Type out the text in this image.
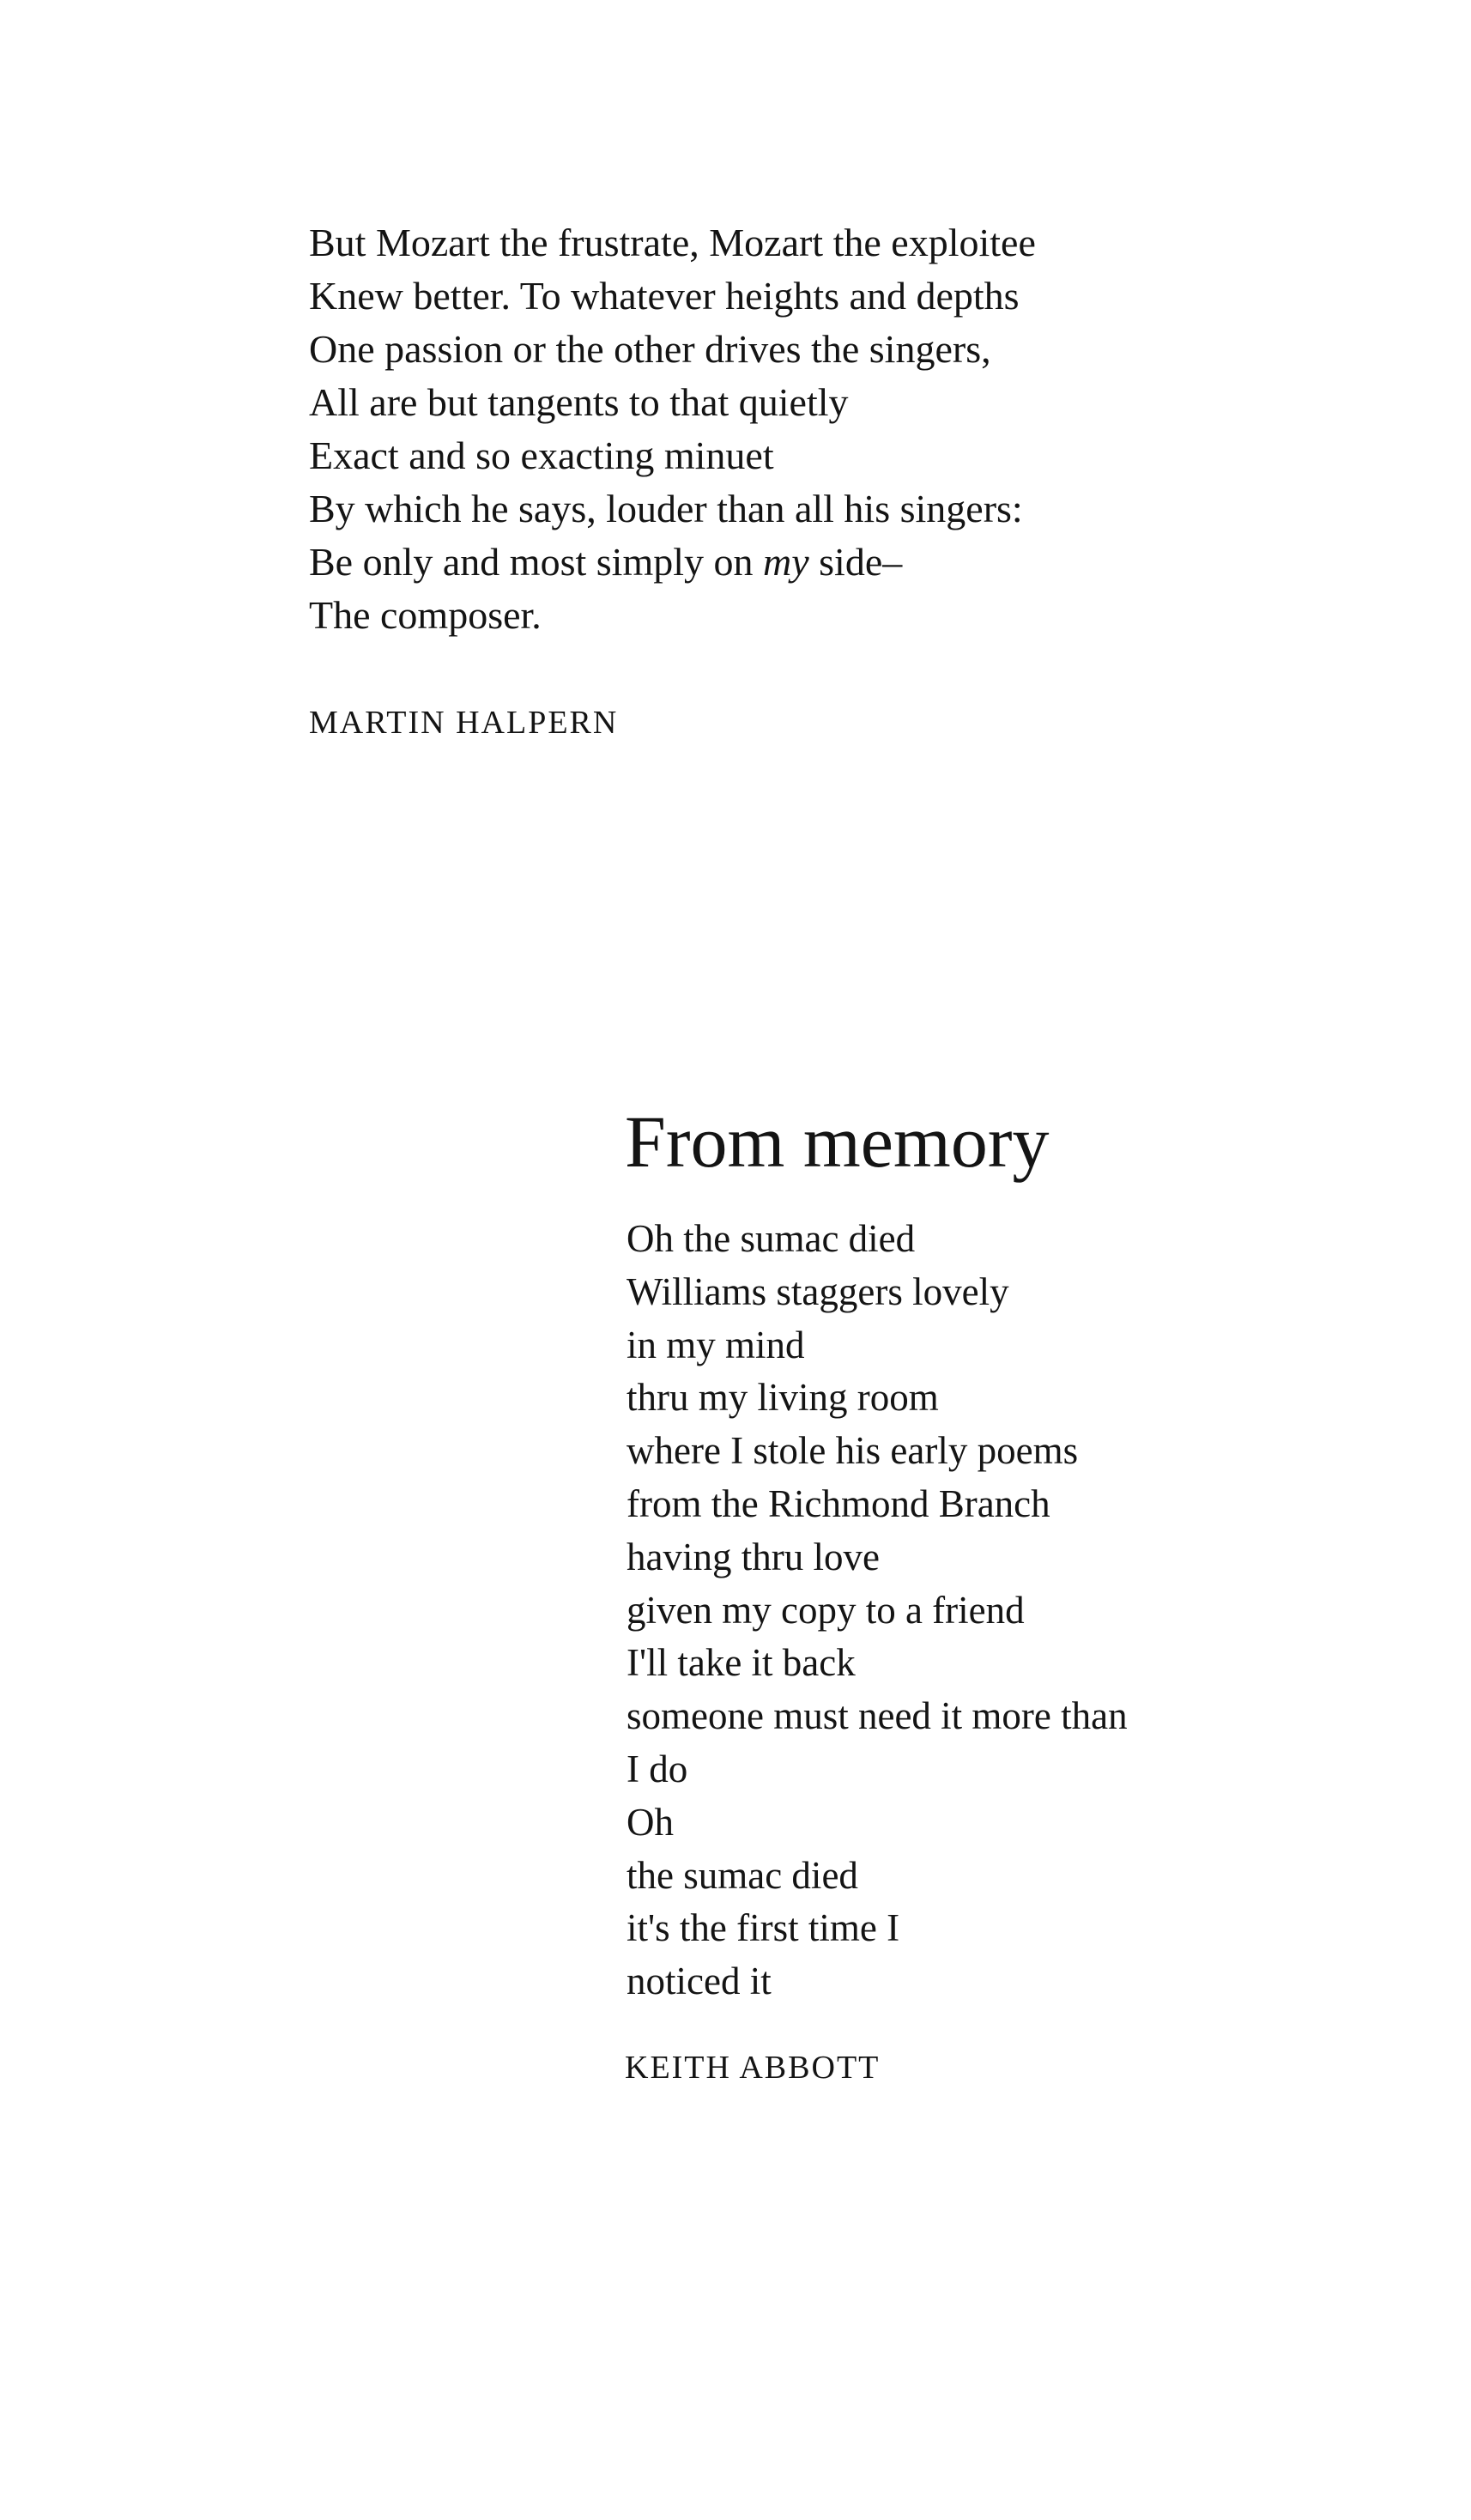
But Mozart the frustrate, Mozart the exploitee
Knew better. To whatever heights and depths
One passion or the other drives the singers,
All are but tangents to that quietly
Exact and so exacting minuet
By which he says, louder than all his singers:
Be only and most simply on my side–
The composer.
MARTIN HALPERN
From memory
Oh the sumac died
Williams staggers lovely
in my mind
thru my living room
where I stole his early poems
from the Richmond Branch
having thru love
given my copy to a friend
I'll take it back
someone must need it more than
I do
Oh
the sumac died
it's the first time I
noticed it
KEITH ABBOTT
